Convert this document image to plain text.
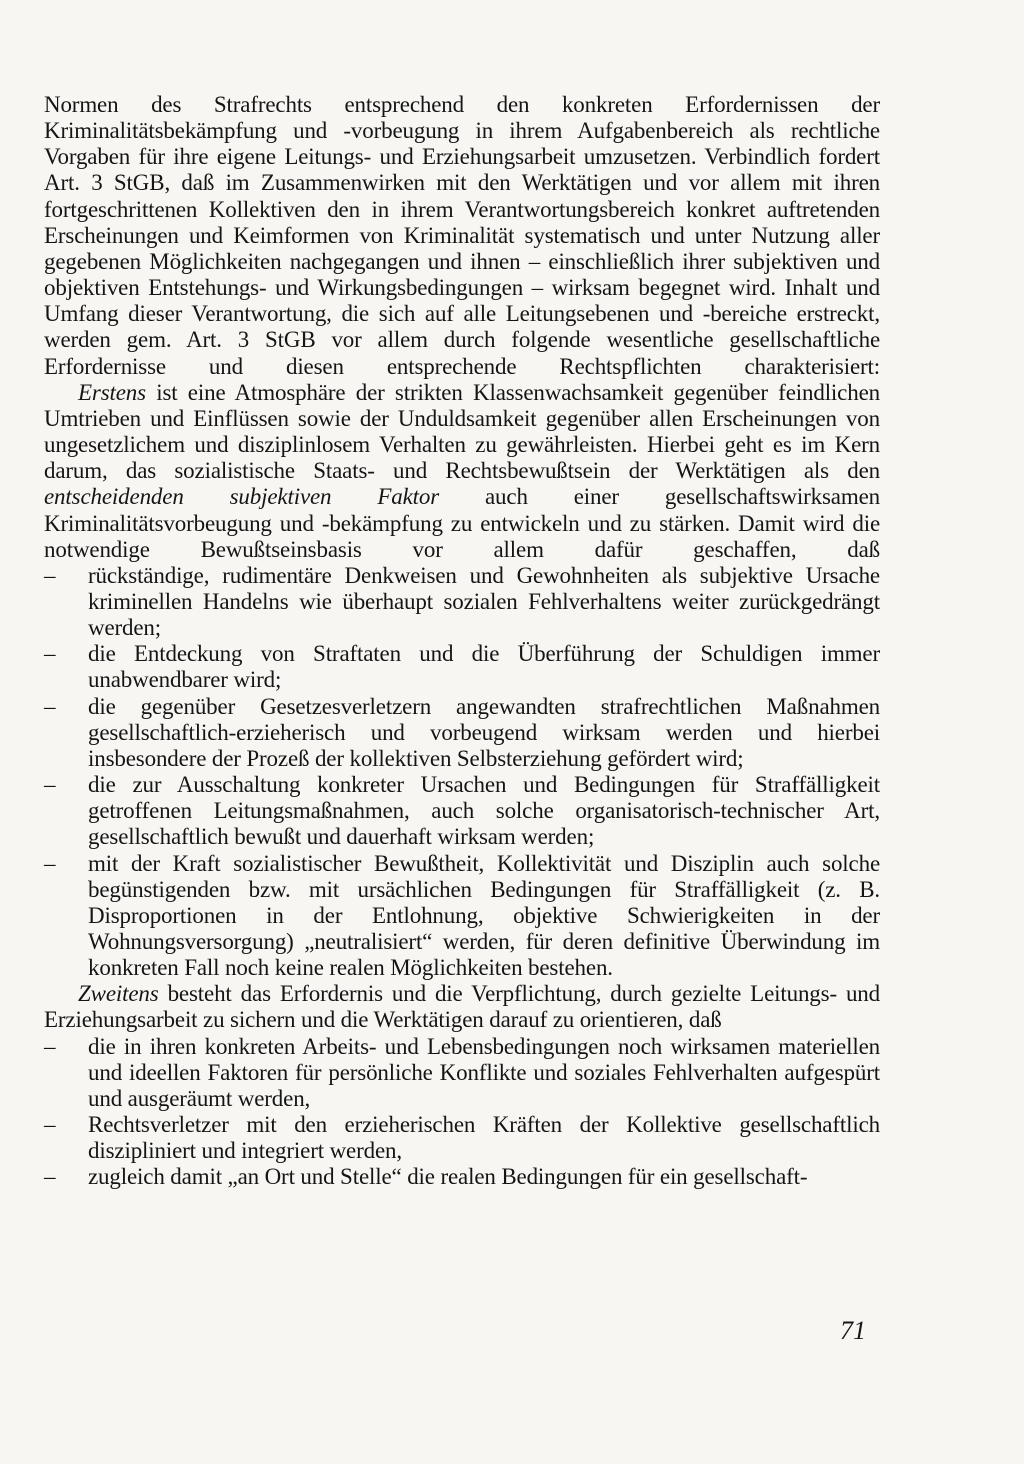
Normen des Strafrechts entsprechend den konkreten Erfordernissen der Kriminalitätsbekämpfung und -vorbeugung in ihrem Aufgabenbereich als rechtliche Vorgaben für ihre eigene Leitungs- und Erziehungsarbeit umzusetzen. Verbindlich fordert Art. 3 StGB, daß im Zusammenwirken mit den Werktätigen und vor allem mit ihren fortgeschrittenen Kollektiven den in ihrem Verantwortungsbereich konkret auftretenden Erscheinungen und Keimformen von Kriminalität systematisch und unter Nutzung aller gegebenen Möglichkeiten nachgegangen und ihnen – einschließlich ihrer subjektiven und objektiven Entstehungs- und Wirkungsbedingungen – wirksam begegnet wird. Inhalt und Umfang dieser Verantwortung, die sich auf alle Leitungsebenen und -bereiche erstreckt, werden gem. Art. 3 StGB vor allem durch folgende wesentliche gesellschaftliche Erfordernisse und diesen entsprechende Rechtspflichten charakterisiert:

Erstens ist eine Atmosphäre der strikten Klassenwachsamkeit gegenüber feindlichen Umtrieben und Einflüssen sowie der Unduldsamkeit gegenüber allen Erscheinungen von ungesetzlichem und disziplinlosem Verhalten zu gewährleisten. Hierbei geht es im Kern darum, das sozialistische Staats- und Rechtsbewußtsein der Werktätigen als den entscheidenden subjektiven Faktor auch einer gesellschaftswirksamen Kriminalitätsvorbeugung und -bekämpfung zu entwickeln und zu stärken. Damit wird die notwendige Bewußtseinsbasis vor allem dafür geschaffen, daß

–	rückständige, rudimentäre Denkweisen und Gewohnheiten als subjektive Ursache kriminellen Handelns wie überhaupt sozialen Fehlverhaltens weiter zurückgedrängt werden;

–	die Entdeckung von Straftaten und die Überführung der Schuldigen immer unabwendbarer wird;

–	die gegenüber Gesetzesverletzern angewandten strafrechtlichen Maßnahmen gesellschaftlich-erzieherisch und vorbeugend wirksam werden und hierbei insbesondere der Prozeß der kollektiven Selbsterziehung gefördert wird;

–	die zur Ausschaltung konkreter Ursachen und Bedingungen für Straffälligkeit getroffenen Leitungsmaßnahmen, auch solche organisatorisch-technischer Art, gesellschaftlich bewußt und dauerhaft wirksam werden;

–	mit der Kraft sozialistischer Bewußtheit, Kollektivität und Disziplin auch solche begünstigenden bzw. mit ursächlichen Bedingungen für Straffälligkeit (z. B. Disproportionen in der Entlohnung, objektive Schwierigkeiten in der Wohnungsversorgung) „neutralisiert“ werden, für deren definitive Überwindung im konkreten Fall noch keine realen Möglichkeiten bestehen.

Zweitens besteht das Erfordernis und die Verpflichtung, durch gezielte Leitungs- und Erziehungsarbeit zu sichern und die Werktätigen darauf zu orientieren, daß

–	die in ihren konkreten Arbeits- und Lebensbedingungen noch wirksamen materiellen und ideellen Faktoren für persönliche Konflikte und soziales Fehlverhalten aufgespürt und ausgeräumt werden,

–	Rechtsverletzer mit den erzieherischen Kräften der Kollektive gesellschaftlich diszipliniert und integriert werden,

–	zugleich damit „an Ort und Stelle“ die realen Bedingungen für ein gesellschaft-

71
